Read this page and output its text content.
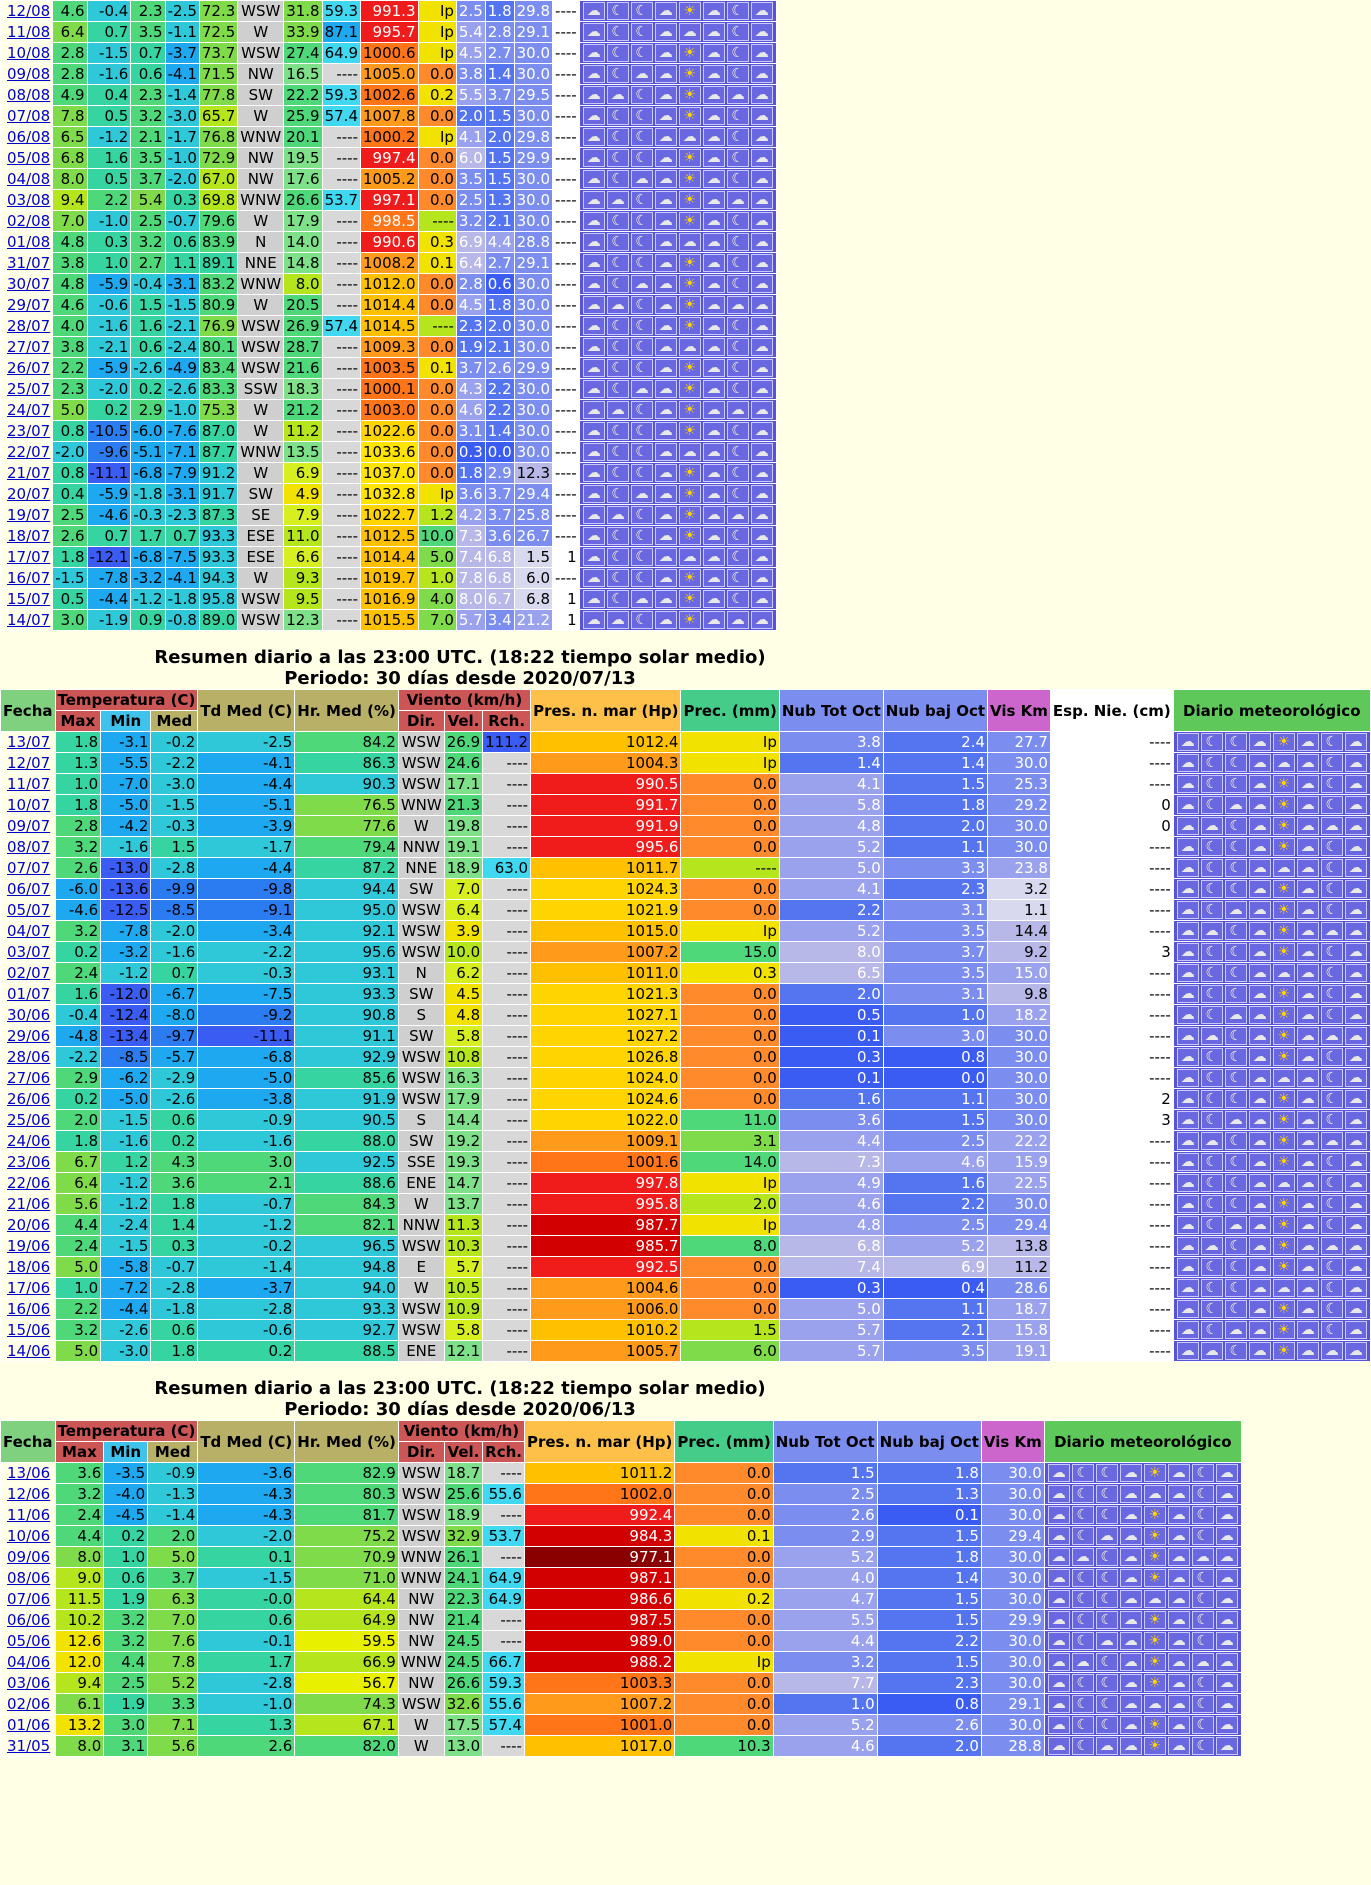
12/08	4.6	-0.4	2.3	-2.5	72.3	WSW	31.8	59.3	991.3	Ip	2.5	1.8	29.8	----	☁ ☾ ☾ ☁ ☀ ☁ ☾ ☁
11/08	6.4	0.7	3.5	-1.1	72.5	W	33.9	87.1	995.7	Ip	5.4	2.8	29.1	----	☁ ☾ ☾ ☁ ☁ ☁ ☾ ☁
10/08	2.8	-1.5	0.7	-3.7	73.7	WSW	27.4	64.9	1000.6	Ip	4.5	2.7	30.0	----	☁ ☾ ☾ ☁ ☀ ☁ ☾ ☁
09/08	2.8	-1.6	0.6	-4.1	71.5	NW	16.5	----	1005.0	0.0	3.8	1.4	30.0	----	☁ ☾ ☁ ☁ ☀ ☁ ☾ ☁
08/08	4.9	0.4	2.3	-1.4	77.8	SW	22.2	59.3	1002.6	0.2	5.5	3.7	29.5	----	☁ ☁ ☾ ☁ ☀ ☁ ☁ ☁
07/08	7.8	0.5	3.2	-3.0	65.7	W	25.9	57.4	1007.8	0.0	2.0	1.5	30.0	----	☁ ☾ ☾ ☁ ☀ ☁ ☾ ☁
06/08	6.5	-1.2	2.1	-1.7	76.8	WNW	20.1	----	1000.2	Ip	4.1	2.0	29.8	----	☁ ☾ ☾ ☁ ☁ ☁ ☾ ☁
05/08	6.8	1.6	3.5	-1.0	72.9	NW	19.5	----	997.4	0.0	6.0	1.5	29.9	----	☁ ☾ ☾ ☁ ☀ ☁ ☾ ☁
04/08	8.0	0.5	3.7	-2.0	67.0	NW	17.6	----	1005.2	0.0	3.5	1.5	30.0	----	☁ ☾ ☁ ☁ ☀ ☁ ☾ ☁
03/08	9.4	2.2	5.4	0.3	69.8	WNW	26.6	53.7	997.1	0.0	2.5	1.3	30.0	----	☁ ☁ ☾ ☁ ☀ ☁ ☁ ☁
02/08	7.0	-1.0	2.5	-0.7	79.6	W	17.9	----	998.5	----	3.2	2.1	30.0	----	☁ ☾ ☾ ☁ ☀ ☁ ☾ ☁
01/08	4.8	0.3	3.2	0.6	83.9	N	14.0	----	990.6	0.3	6.9	4.4	28.8	----	☁ ☾ ☾ ☁ ☁ ☁ ☾ ☁
31/07	3.8	1.0	2.7	1.1	89.1	NNE	14.8	----	1008.2	0.1	6.4	2.7	29.1	----	☁ ☾ ☾ ☁ ☀ ☁ ☾ ☁
30/07	4.8	-5.9	-0.4	-3.1	83.2	WNW	8.0	----	1012.0	0.0	2.8	0.6	30.0	----	☁ ☾ ☁ ☁ ☀ ☁ ☾ ☁
29/07	4.6	-0.6	1.5	-1.5	80.9	W	20.5	----	1014.4	0.0	4.5	1.8	30.0	----	☁ ☁ ☾ ☁ ☀ ☁ ☁ ☁
28/07	4.0	-1.6	1.6	-2.1	76.9	WSW	26.9	57.4	1014.5	----	2.3	2.0	30.0	----	☁ ☾ ☾ ☁ ☀ ☁ ☾ ☁
27/07	3.8	-2.1	0.6	-2.4	80.1	WSW	28.7	----	1009.3	0.0	1.9	2.1	30.0	----	☁ ☾ ☾ ☁ ☁ ☁ ☾ ☁
26/07	2.2	-5.9	-2.6	-4.9	83.4	WSW	21.6	----	1003.5	0.1	3.7	2.6	29.9	----	☁ ☾ ☾ ☁ ☀ ☁ ☾ ☁
25/07	2.3	-2.0	0.2	-2.6	83.3	SSW	18.3	----	1000.1	0.0	4.3	2.2	30.0	----	☁ ☾ ☁ ☁ ☀ ☁ ☾ ☁
24/07	5.0	0.2	2.9	-1.0	75.3	W	21.2	----	1003.0	0.0	4.6	2.2	30.0	----	☁ ☁ ☾ ☁ ☀ ☁ ☁ ☁
23/07	0.8	-10.5	-6.0	-7.6	87.0	W	11.2	----	1022.6	0.0	3.1	1.4	30.0	----	☁ ☾ ☾ ☁ ☀ ☁ ☾ ☁
22/07	-2.0	-9.6	-5.1	-7.1	87.7	WNW	13.5	----	1033.6	0.0	0.3	0.0	30.0	----	☁ ☾ ☾ ☁ ☁ ☁ ☾ ☁
21/07	0.8	-11.1	-6.8	-7.9	91.2	W	6.9	----	1037.0	0.0	1.8	2.9	12.3	----	☁ ☾ ☾ ☁ ☀ ☁ ☾ ☁
20/07	0.4	-5.9	-1.8	-3.1	91.7	SW	4.9	----	1032.8	Ip	3.6	3.7	29.4	----	☁ ☾ ☁ ☁ ☀ ☁ ☾ ☁
19/07	2.5	-4.6	-0.3	-2.3	87.3	SE	7.9	----	1022.7	1.2	4.2	3.7	25.8	----	☁ ☁ ☾ ☁ ☀ ☁ ☁ ☁
18/07	2.6	0.7	1.7	0.7	93.3	ESE	11.0	----	1012.5	10.0	7.3	3.6	26.7	----	☁ ☾ ☾ ☁ ☀ ☁ ☾ ☁
17/07	1.8	-12.1	-6.8	-7.5	93.3	ESE	6.6	----	1014.4	5.0	7.4	6.8	1.5	1	☁ ☾ ☾ ☁ ☁ ☁ ☾ ☁
16/07	-1.5	-7.8	-3.2	-4.1	94.3	W	9.3	----	1019.7	1.0	7.8	6.8	6.0	----	☁ ☾ ☾ ☁ ☀ ☁ ☾ ☁
15/07	0.5	-4.4	-1.2	-1.8	95.8	WSW	9.5	----	1016.9	4.0	8.0	6.7	6.8	1	☁ ☾ ☁ ☁ ☀ ☁ ☾ ☁
14/07	3.0	-1.9	0.9	-0.8	89.0	WSW	12.3	----	1015.5	7.0	5.7	3.4	21.2	1	☁ ☁ ☾ ☁ ☀ ☁ ☁ ☁
Resumen diario a las 23:00 UTC. (18:22 tiempo solar medio)
Periodo: 30 días desde 2020/07/13
Fecha	Temperatura (C)			Td Med (C)	Hr. Med (%)	Viento (km/h)			Pres. n. mar (Hp)	Prec. (mm)	Nub Tot Oct	Nub baj Oct	Vis Km	Esp. Nie. (cm)	Diario meteorológico
	Max	Min	Med			Dir.	Vel.	Rch.							
13/07	1.8	-3.1	-0.2	-2.5	84.2	WSW	26.9	111.2	1012.4	Ip	3.8	2.4	27.7	----	☁ ☾ ☾ ☁ ☀ ☁ ☾ ☁
12/07	1.3	-5.5	-2.2	-4.1	86.3	WSW	24.6	----	1004.3	Ip	1.4	1.4	30.0	----	☁ ☾ ☾ ☁ ☁ ☁ ☾ ☁
11/07	1.0	-7.0	-3.0	-4.4	90.3	WSW	17.1	----	990.5	0.0	4.1	1.5	25.3	----	☁ ☾ ☾ ☁ ☀ ☁ ☾ ☁
10/07	1.8	-5.0	-1.5	-5.1	76.5	WNW	21.3	----	991.7	0.0	5.8	1.8	29.2	0	☁ ☾ ☁ ☁ ☀ ☁ ☾ ☁
09/07	2.8	-4.2	-0.3	-3.9	77.6	W	19.8	----	991.9	0.0	4.8	2.0	30.0	0	☁ ☁ ☾ ☁ ☀ ☁ ☁ ☁
08/07	3.2	-1.6	1.5	-1.7	79.4	NNW	19.1	----	995.6	0.0	5.2	1.1	30.0	----	☁ ☾ ☾ ☁ ☀ ☁ ☾ ☁
07/07	2.6	-13.0	-2.8	-4.4	87.2	NNE	18.9	63.0	1011.7	----	5.0	3.3	23.8	----	☁ ☾ ☾ ☁ ☁ ☁ ☾ ☁
06/07	-6.0	-13.6	-9.9	-9.8	94.4	SW	7.0	----	1024.3	0.0	4.1	2.3	3.2	----	☁ ☾ ☾ ☁ ☀ ☁ ☾ ☁
05/07	-4.6	-12.5	-8.5	-9.1	95.0	WSW	6.4	----	1021.9	0.0	2.2	3.1	1.1	----	☁ ☾ ☁ ☁ ☀ ☁ ☾ ☁
04/07	3.2	-7.8	-2.0	-3.4	92.1	WSW	3.9	----	1015.0	Ip	5.2	3.5	14.4	----	☁ ☁ ☾ ☁ ☀ ☁ ☁ ☁
03/07	0.2	-3.2	-1.6	-2.2	95.6	WSW	10.0	----	1007.2	15.0	8.0	3.7	9.2	3	☁ ☾ ☾ ☁ ☀ ☁ ☾ ☁
02/07	2.4	-1.2	0.7	-0.3	93.1	N	6.2	----	1011.0	0.3	6.5	3.5	15.0	----	☁ ☾ ☾ ☁ ☁ ☁ ☾ ☁
01/07	1.6	-12.0	-6.7	-7.5	93.3	SW	4.5	----	1021.3	0.0	2.0	3.1	9.8	----	☁ ☾ ☾ ☁ ☀ ☁ ☾ ☁
30/06	-0.4	-12.4	-8.0	-9.2	90.8	S	4.8	----	1027.1	0.0	0.5	1.0	18.2	----	☁ ☾ ☁ ☁ ☀ ☁ ☾ ☁
29/06	-4.8	-13.4	-9.7	-11.1	91.1	SW	5.8	----	1027.2	0.0	0.1	3.0	30.0	----	☁ ☁ ☾ ☁ ☀ ☁ ☁ ☁
28/06	-2.2	-8.5	-5.7	-6.8	92.9	WSW	10.8	----	1026.8	0.0	0.3	0.8	30.0	----	☁ ☾ ☾ ☁ ☀ ☁ ☾ ☁
27/06	2.9	-6.2	-2.9	-5.0	85.6	WSW	16.3	----	1024.0	0.0	0.1	0.0	30.0	----	☁ ☾ ☾ ☁ ☁ ☁ ☾ ☁
26/06	0.2	-5.0	-2.6	-3.8	91.9	WSW	17.9	----	1024.6	0.0	1.6	1.1	30.0	2	☁ ☾ ☾ ☁ ☀ ☁ ☾ ☁
25/06	2.0	-1.5	0.6	-0.9	90.5	S	14.4	----	1022.0	11.0	3.6	1.5	30.0	3	☁ ☾ ☁ ☁ ☀ ☁ ☾ ☁
24/06	1.8	-1.6	0.2	-1.6	88.0	SW	19.2	----	1009.1	3.1	4.4	2.5	22.2	----	☁ ☁ ☾ ☁ ☀ ☁ ☁ ☁
23/06	6.7	1.2	4.3	3.0	92.5	SSE	19.3	----	1001.6	14.0	7.3	4.6	15.9	----	☁ ☾ ☾ ☁ ☀ ☁ ☾ ☁
22/06	6.4	-1.2	3.6	2.1	88.6	ENE	14.7	----	997.8	Ip	4.9	1.6	22.5	----	☁ ☾ ☾ ☁ ☁ ☁ ☾ ☁
21/06	5.6	-1.2	1.8	-0.7	84.3	W	13.7	----	995.8	2.0	4.6	2.2	30.0	----	☁ ☾ ☾ ☁ ☀ ☁ ☾ ☁
20/06	4.4	-2.4	1.4	-1.2	82.1	NNW	11.3	----	987.7	Ip	4.8	2.5	29.4	----	☁ ☾ ☁ ☁ ☀ ☁ ☾ ☁
19/06	2.4	-1.5	0.3	-0.2	96.5	WSW	10.3	----	985.7	8.0	6.8	5.2	13.8	----	☁ ☁ ☾ ☁ ☀ ☁ ☁ ☁
18/06	5.0	-5.8	-0.7	-1.4	94.8	E	5.7	----	992.5	0.0	7.4	6.9	11.2	----	☁ ☾ ☾ ☁ ☀ ☁ ☾ ☁
17/06	1.0	-7.2	-2.8	-3.7	94.0	W	10.5	----	1004.6	0.0	0.3	0.4	28.6	----	☁ ☾ ☾ ☁ ☁ ☁ ☾ ☁
16/06	2.2	-4.4	-1.8	-2.8	93.3	WSW	10.9	----	1006.0	0.0	5.0	1.1	18.7	----	☁ ☾ ☾ ☁ ☀ ☁ ☾ ☁
15/06	3.2	-2.6	0.6	-0.6	92.7	WSW	5.8	----	1010.2	1.5	5.7	2.1	15.8	----	☁ ☾ ☁ ☁ ☀ ☁ ☾ ☁
14/06	5.0	-3.0	1.8	0.2	88.5	ENE	12.1	----	1005.7	6.0	5.7	3.5	19.1	----	☁ ☁ ☾ ☁ ☀ ☁ ☁ ☁
Resumen diario a las 23:00 UTC. (18:22 tiempo solar medio)
Periodo: 30 días desde 2020/06/13
Fecha	Temperatura (C)			Td Med (C)	Hr. Med (%)	Viento (km/h)			Pres. n. mar (Hp)	Prec. (mm)	Nub Tot Oct	Nub baj Oct	Vis Km	Diario meteorológico
	Max	Min	Med			Dir.	Vel.	Rch.						
13/06	3.6	-3.5	-0.9	-3.6	82.9	WSW	18.7	----	1011.2	0.0	1.5	1.8	30.0	☁ ☾ ☾ ☁ ☀ ☁ ☾ ☁
12/06	3.2	-4.0	-1.3	-4.3	80.3	WSW	25.6	55.6	1002.0	0.0	2.5	1.3	30.0	☁ ☾ ☾ ☁ ☁ ☁ ☾ ☁
11/06	2.4	-4.5	-1.4	-4.3	81.7	WSW	18.9	----	992.4	0.0	2.6	0.1	30.0	☁ ☾ ☾ ☁ ☀ ☁ ☾ ☁
10/06	4.4	0.2	2.0	-2.0	75.2	WSW	32.9	53.7	984.3	0.1	2.9	1.5	29.4	☁ ☾ ☁ ☁ ☀ ☁ ☾ ☁
09/06	8.0	1.0	5.0	0.1	70.9	WNW	26.1	----	977.1	0.0	5.2	1.8	30.0	☁ ☁ ☾ ☁ ☀ ☁ ☁ ☁
08/06	9.0	0.6	3.7	-1.5	71.0	WNW	24.1	64.9	987.1	0.0	4.0	1.4	30.0	☁ ☾ ☾ ☁ ☀ ☁ ☾ ☁
07/06	11.5	1.9	6.3	-0.0	64.4	NW	22.3	64.9	986.6	0.2	4.7	1.5	30.0	☁ ☾ ☾ ☁ ☁ ☁ ☾ ☁
06/06	10.2	3.2	7.0	0.6	64.9	NW	21.4	----	987.5	0.0	5.5	1.5	29.9	☁ ☾ ☾ ☁ ☀ ☁ ☾ ☁
05/06	12.6	3.2	7.6	-0.1	59.5	NW	24.5	----	989.0	0.0	4.4	2.2	30.0	☁ ☾ ☁ ☁ ☀ ☁ ☾ ☁
04/06	12.0	4.4	7.8	1.7	66.9	WNW	24.5	66.7	988.2	Ip	3.2	1.5	30.0	☁ ☁ ☾ ☁ ☀ ☁ ☁ ☁
03/06	9.4	2.5	5.2	-2.8	56.7	NW	26.6	59.3	1003.3	0.0	7.7	2.3	30.0	☁ ☾ ☾ ☁ ☀ ☁ ☾ ☁
02/06	6.1	1.9	3.3	-1.0	74.3	WSW	32.6	55.6	1007.2	0.0	1.0	0.8	29.1	☁ ☾ ☾ ☁ ☁ ☁ ☾ ☁
01/06	13.2	3.0	7.1	1.3	67.1	W	17.5	57.4	1001.0	0.0	5.2	2.6	30.0	☁ ☾ ☾ ☁ ☀ ☁ ☾ ☁
31/05	8.0	3.1	5.6	2.6	82.0	W	13.0	----	1017.0	10.3	4.6	2.0	28.8	☁ ☾ ☁ ☁ ☀ ☁ ☾ ☁
